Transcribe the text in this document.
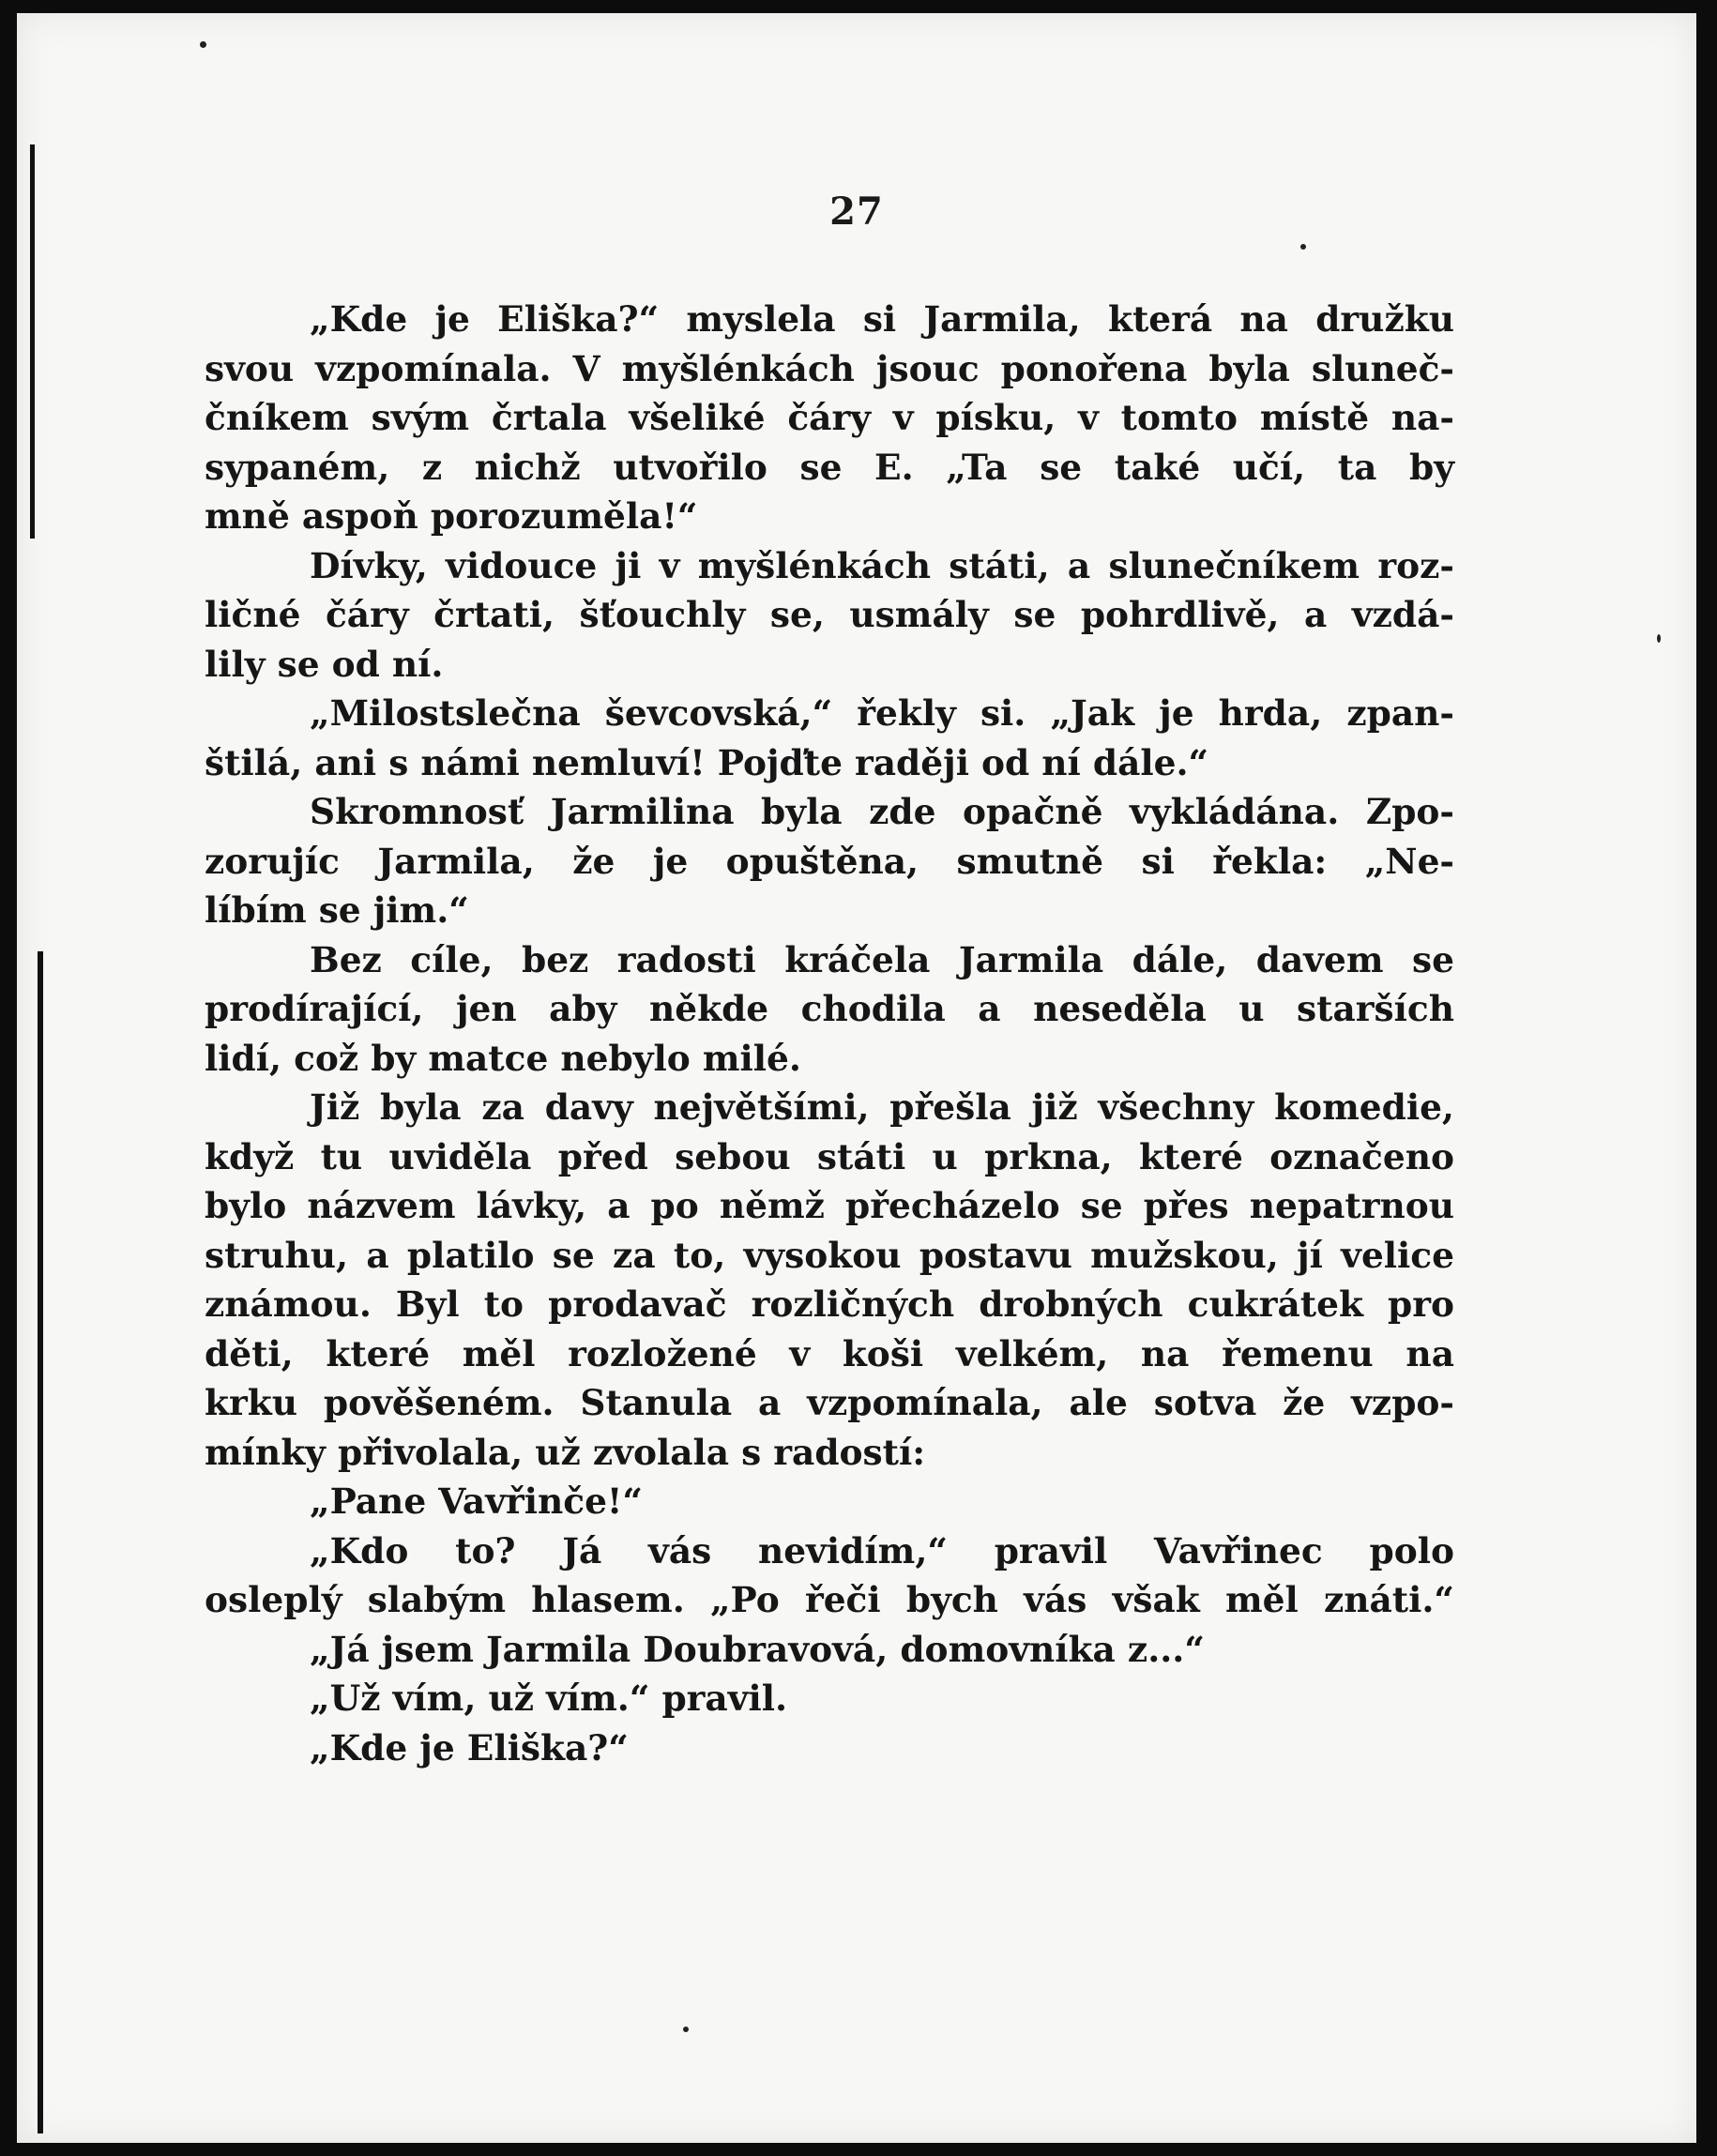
27
„Kde je Eliška?“ myslela si Jarmila, která na družku
svou vzpomínala. V myšlénkách jsouc ponořena byla sluneč-
čníkem svým črtala všeliké čáry v písku, v tomto místě na-
sypaném, z nichž utvořilo se E. „Ta se také učí, ta by
mně aspoň porozuměla!“
Dívky, vidouce ji v myšlénkách státi, a slunečníkem roz-
ličné čáry črtati, šťouchly se, usmály se pohrdlivě, a vzdá-
lily se od ní.
„Milostslečna ševcovská,“ řekly si. „Jak je hrda, zpan-
štilá, ani s námi nemluví! Pojďte raději od ní dále.“
Skromnosť Jarmilina byla zde opačně vykládána. Zpo-
zorujíc Jarmila, že je opuštěna, smutně si řekla: „Ne-
líbím se jim.“
Bez cíle, bez radosti kráčela Jarmila dále, davem se
prodírající, jen aby někde chodila a neseděla u starších
lidí, což by matce nebylo milé.
Již byla za davy největšími, přešla již všechny komedie,
když tu uviděla před sebou státi u prkna, které označeno
bylo názvem lávky, a po němž přecházelo se přes nepatrnou
struhu, a platilo se za to, vysokou postavu mužskou, jí velice
známou. Byl to prodavač rozličných drobných cukrátek pro
děti, které měl rozložené v koši velkém, na řemenu na
krku pověšeném. Stanula a vzpomínala, ale sotva že vzpo-
mínky přivolala, už zvolala s radostí:
„Pane Vavřinče!“
„Kdo to? Já vás nevidím,“ pravil Vavřinec polo
osleplý slabým hlasem. „Po řeči bych vás však měl znáti.“
„Já jsem Jarmila Doubravová, domovníka z...“
„Už vím, už vím.“ pravil.
„Kde je Eliška?“
